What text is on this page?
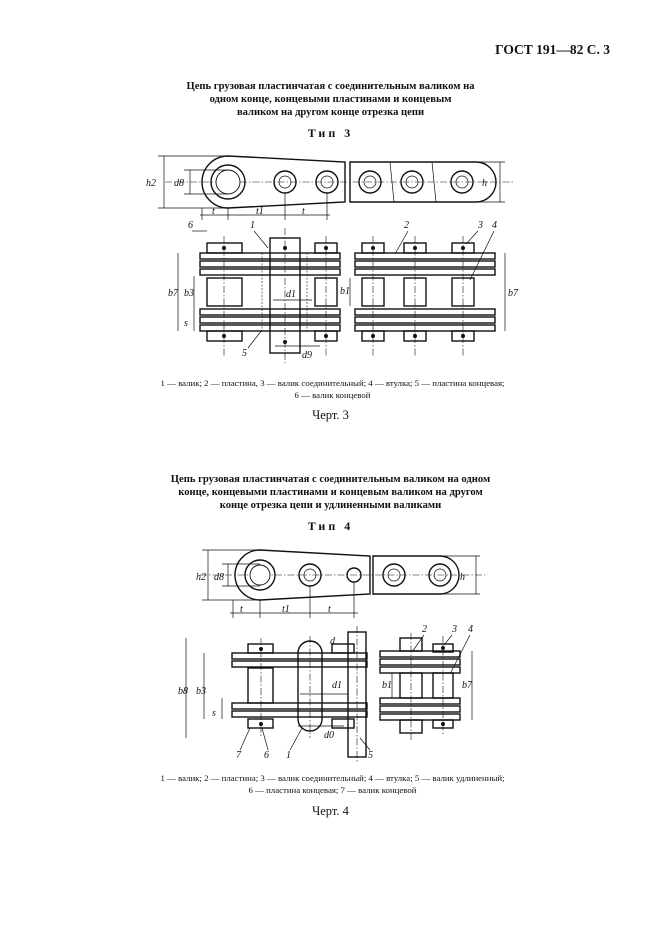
ГОСТ 191—82 С. 3
Цепь грузовая пластинчатая с соединительным валиком на
одном конце, концевыми пластинами и концевым
валиком на другом конце отрезка цепи
Тип 3
h2 d8	h
t	t1	t
b7 b3
s
b1	b7
d1
d9
6	1	2	3 4
5
1 — валик; 2 — пластина, 3 — валик соединительный; 4 — втулка; 5 — пластина концевая;
6 — валик концевой
Черт. 3
Цепь грузовая пластинчатая с соединительным валиком на одном
конце, концевыми пластинами и концевым валиком на другом
конце отрезка цепи и удлиненными валиками
Тип 4
h2 d8	h
t	t1	t
b8 b3
s
b1	b7
d
d1
d0
2	3 4
7 6 1	5
1 — валик; 2 — пластина; 3 — валик соединительный; 4 — втулка; 5 — валик удлиненный;
6 — пластина концевая; 7 — валик концевой
Черт. 4
